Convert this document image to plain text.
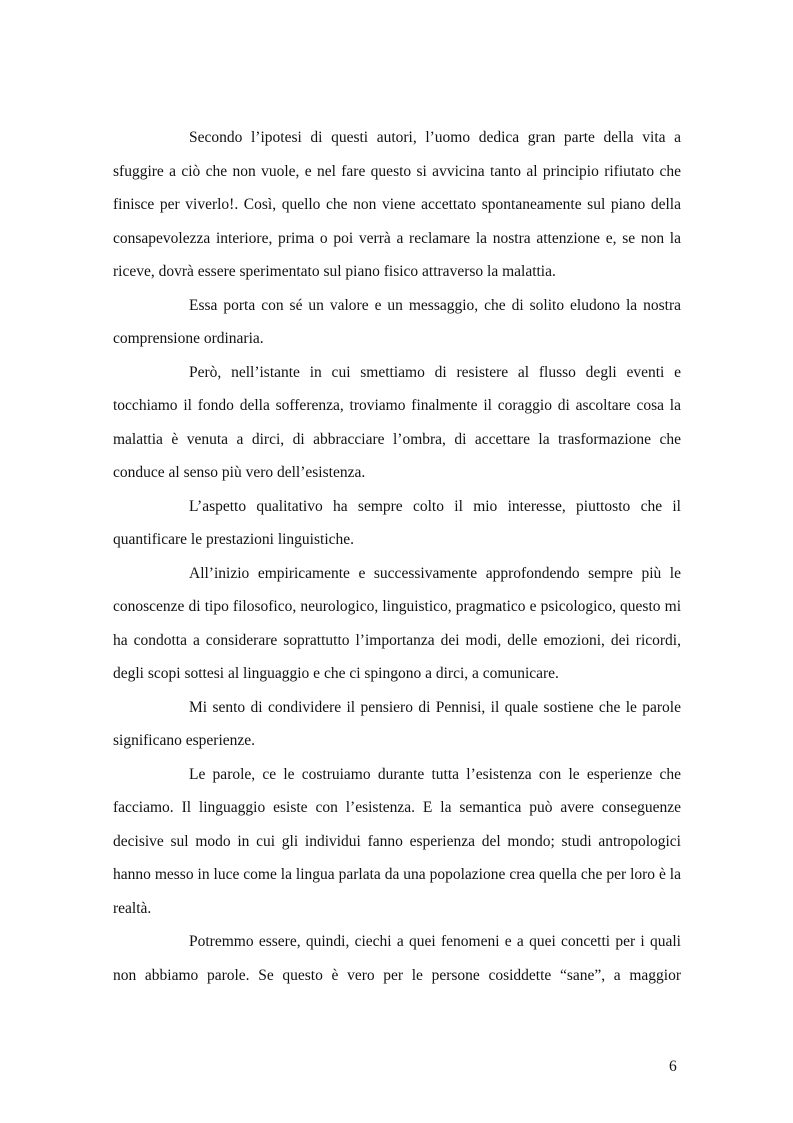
Secondo l’ipotesi di questi autori, l’uomo dedica gran parte della vita a sfuggire a ciò che non vuole, e nel fare questo si avvicina tanto al principio rifiutato che finisce per viverlo!. Così, quello che non viene accettato spontaneamente sul piano della consapevolezza interiore, prima o poi verrà a reclamare la nostra attenzione e, se non la riceve, dovrà essere sperimentato sul piano fisico attraverso la malattia.

Essa porta con sé un valore e un messaggio, che di solito eludono la nostra comprensione ordinaria.

Però, nell’istante in cui smettiamo di resistere al flusso degli eventi e tocchiamo il fondo della sofferenza, troviamo finalmente il coraggio di ascoltare cosa la malattia è venuta a dirci, di abbracciare l’ombra, di accettare la trasformazione che conduce al senso più vero dell’esistenza.

L’aspetto qualitativo ha sempre colto il mio interesse, piuttosto che il quantificare le prestazioni linguistiche.

All’inizio empiricamente e successivamente approfondendo sempre più le conoscenze di tipo filosofico, neurologico, linguistico, pragmatico e psicologico, questo mi ha condotta a considerare soprattutto l’importanza dei modi, delle emozioni, dei ricordi, degli scopi sottesi al linguaggio e che ci spingono a dirci, a comunicare.

Mi sento di condividere il pensiero di Pennisi, il quale sostiene che le parole significano esperienze.

Le parole, ce le costruiamo durante tutta l’esistenza con le esperienze che facciamo. Il linguaggio esiste con l’esistenza. E la semantica può avere conseguenze decisive sul modo in cui gli individui fanno esperienza del mondo; studi antropologici hanno messo in luce come la lingua parlata da una popolazione crea quella che per loro è la realtà.

Potremmo essere, quindi, ciechi a quei fenomeni e a quei concetti per i quali non abbiamo parole. Se questo è vero per le persone cosiddette “sane”, a maggior

6
